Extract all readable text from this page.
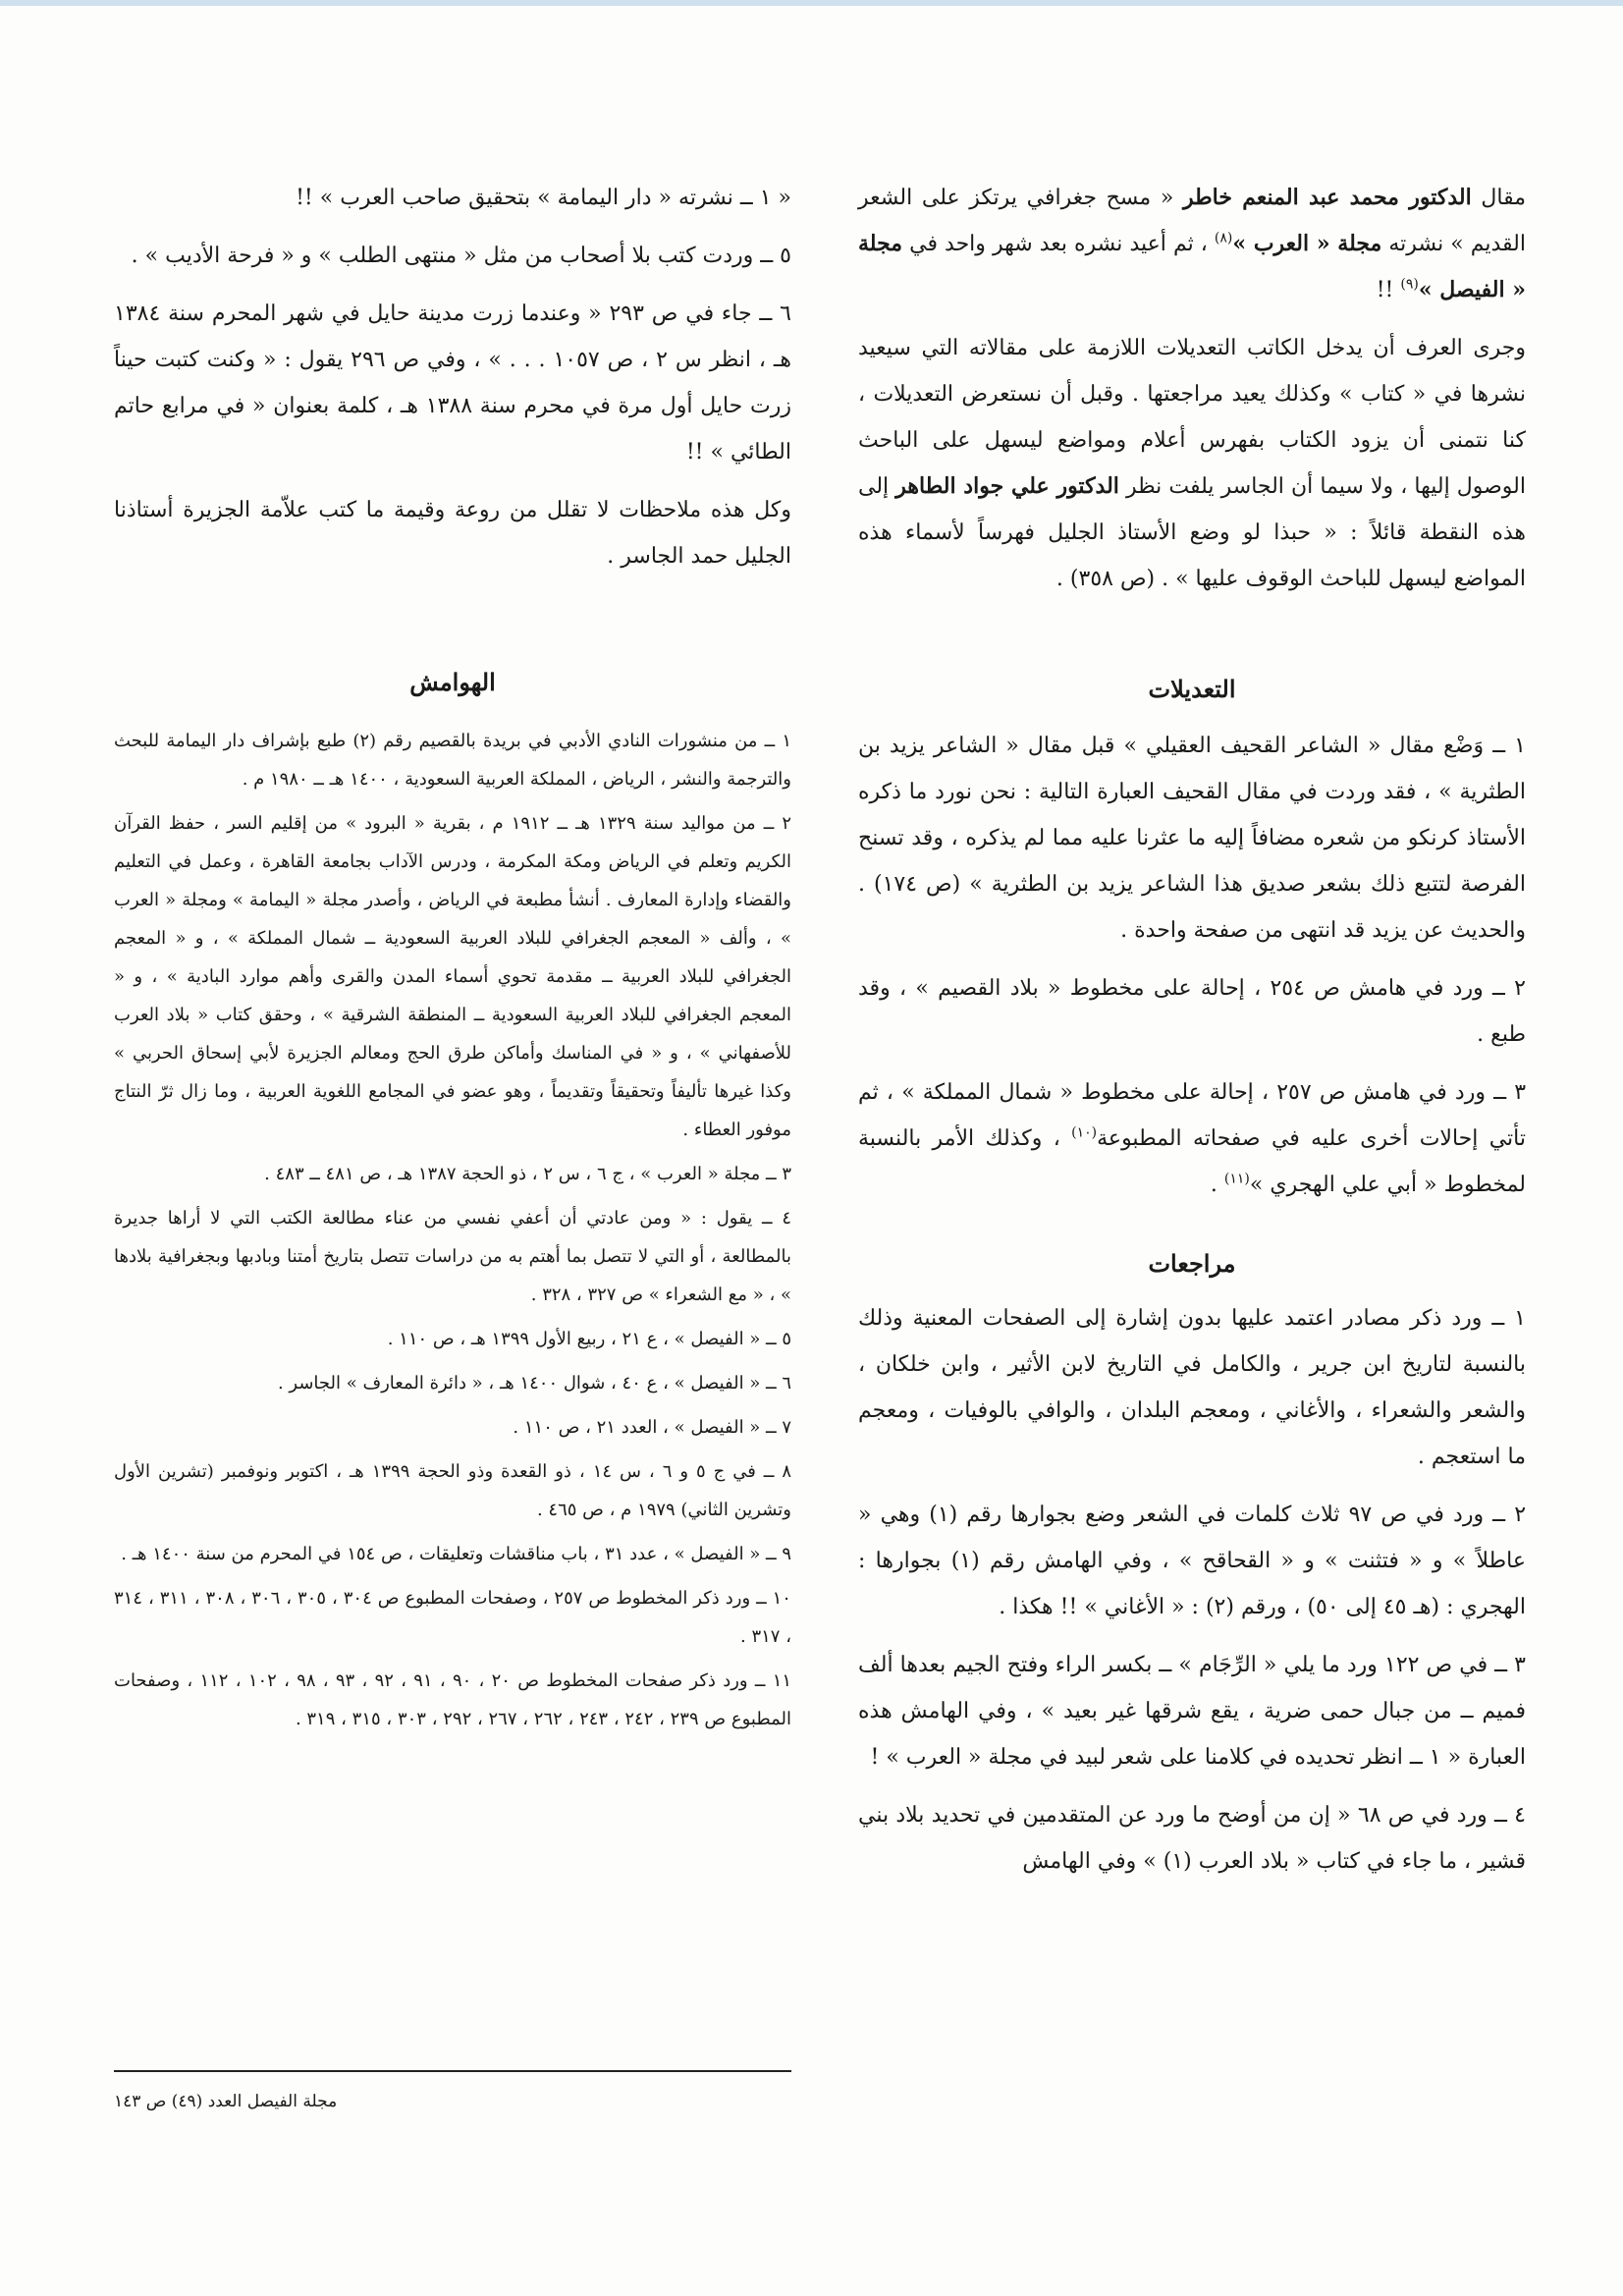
مقال الدكتور محمد عبد المنعم خاطر « مسح جغرافي يرتكز على الشعر القديم » نشرته مجلة « العرب »$^{(٨)}$ ، ثم أعيد نشره بعد شهر واحد في مجلة « الفيصل »$^{(٩)}$ !!

وجرى العرف أن يدخل الكاتب التعديلات اللازمة على مقالاته التي سيعيد نشرها في « كتاب » وكذلك يعيد مراجعتها . وقبل أن نستعرض التعديلات ، كنا نتمنى أن يزود الكتاب بفهرس أعلام ومواضع ليسهل على الباحث الوصول إليها ، ولا سيما أن الجاسر يلفت نظر الدكتور علي جواد الطاهر إلى هذه النقطة قائلاً : « حبذا لو وضع الأستاذ الجليل فهرساً لأسماء هذه المواضع ليسهل للباحث الوقوف عليها » . (ص ٣٥٨) .

التعديلات

١ ــ وَضْع مقال « الشاعر القحيف العقيلي » قبل مقال « الشاعر يزيد بن الطثرية » ، فقد وردت في مقال القحيف العبارة التالية : نحن نورد ما ذكره الأستاذ كرنكو من شعره مضافاً إليه ما عثرنا عليه مما لم يذكره ، وقد تسنح الفرصة لتتبع ذلك بشعر صديق هذا الشاعر يزيد بن الطثرية » (ص ١٧٤) . والحديث عن يزيد قد انتهى من صفحة واحدة .

٢ ــ ورد في هامش ص ٢٥٤ ، إحالة على مخطوط « بلاد القصيم » ، وقد طبع .

٣ ــ ورد في هامش ص ٢٥٧ ، إحالة على مخطوط « شمال المملكة » ، ثم تأتي إحالات أخرى عليه في صفحاته المطبوعة$^{(١٠)}$ ، وكذلك الأمر بالنسبة لمخطوط « أبي علي الهجري »$^{(١١)}$ .

مراجعات

١ ــ ورد ذكر مصادر اعتمد عليها بدون إشارة إلى الصفحات المعنية وذلك بالنسبة لتاريخ ابن جرير ، والكامل في التاريخ لابن الأثير ، وابن خلكان ، والشعر والشعراء ، والأغاني ، ومعجم البلدان ، والوافي بالوفيات ، ومعجم ما استعجم .

٢ ــ ورد في ص ٩٧ ثلاث كلمات في الشعر وضع بجوارها رقم (١) وهي « عاطلاً » و « فتثنت » و « القحاقح » ، وفي الهامش رقم (١) بجوارها : الهجري : (هـ ٤٥ إلى ٥٠) ، ورقم (٢) : « الأغاني » !! هكذا .

٣ ــ في ص ١٢٢ ورد ما يلي « الرِّجَام » ــ بكسر الراء وفتح الجيم بعدها ألف فميم ــ من جبال حمى ضرية ، يقع شرقها غير بعيد » ، وفي الهامش هذه العبارة « ١ ــ انظر تحديده في كلامنا على شعر لبيد في مجلة « العرب » !

٤ ــ ورد في ص ٦٨ « إن من أوضح ما ورد عن المتقدمين في تحديد بلاد بني قشير ، ما جاء في كتاب « بلاد العرب (١) » وفي الهامش

« ١ ــ نشرته « دار اليمامة » بتحقيق صاحب العرب » !!

٥ ــ وردت كتب بلا أصحاب من مثل « منتهى الطلب » و « فرحة الأديب » .

٦ ــ جاء في ص ٢٩٣ « وعندما زرت مدينة حايل في شهر المحرم سنة ١٣٨٤ هـ ، انظر س ٢ ، ص ١٠٥٧ . . . » ، وفي ص ٢٩٦ يقول : « وكنت كتبت حيناً زرت حايل أول مرة في محرم سنة ١٣٨٨ هـ ، كلمة بعنوان « في مرابع حاتم الطائي » !!

وكل هذه ملاحظات لا تقلل من روعة وقيمة ما كتب علاّمة الجزيرة أستاذنا الجليل حمد الجاسر .

الهوامش

١ ــ من منشورات النادي الأدبي في بريدة بالقصيم رقم (٢) طبع بإشراف دار اليمامة للبحث والترجمة والنشر ، الرياض ، المملكة العربية السعودية ، ١٤٠٠ هـ ــ ١٩٨٠ م .

٢ ــ من مواليد سنة ١٣٢٩ هـ ــ ١٩١٢ م ، بقرية « البرود » من إقليم السر ، حفظ القرآن الكريم وتعلم في الرياض ومكة المكرمة ، ودرس الآداب بجامعة القاهرة ، وعمل في التعليم والقضاء وإدارة المعارف . أنشأ مطبعة في الرياض ، وأصدر مجلة « اليمامة » ومجلة « العرب » ، وألف « المعجم الجغرافي للبلاد العربية السعودية ــ شمال المملكة » ، و « المعجم الجغرافي للبلاد العربية ــ مقدمة تحوي أسماء المدن والقرى وأهم موارد البادية » ، و « المعجم الجغرافي للبلاد العربية السعودية ــ المنطقة الشرقية » ، وحقق كتاب « بلاد العرب للأصفهاني » ، و « في المناسك وأماكن طرق الحج ومعالم الجزيرة لأبي إسحاق الحربي » وكذا غيرها تأليفاً وتحقيقاً وتقديماً ، وهو عضو في المجامع اللغوية العربية ، وما زال ثرّ النتاج موفور العطاء .

٣ ــ مجلة « العرب » ، ج ٦ ، س ٢ ، ذو الحجة ١٣٨٧ هـ ، ص ٤٨١ ــ ٤٨٣ .

٤ ــ يقول : « ومن عادتي أن أعفي نفسي من عناء مطالعة الكتب التي لا أراها جديرة بالمطالعة ، أو التي لا تتصل بما أهتم به من دراسات تتصل بتاريخ أمتنا وبادبها وبجغرافية بلادها » ، « مع الشعراء » ص ٣٢٧ ، ٣٢٨ .

٥ ــ « الفيصل » ، ع ٢١ ، ربيع الأول ١٣٩٩ هـ ، ص ١١٠ .

٦ ــ « الفيصل » ، ع ٤٠ ، شوال ١٤٠٠ هـ ، « دائرة المعارف » الجاسر .

٧ ــ « الفيصل » ، العدد ٢١ ، ص ١١٠ .

٨ ــ في ج ٥ و ٦ ، س ١٤ ، ذو القعدة وذو الحجة ١٣٩٩ هـ ، اكتوبر ونوفمبر (تشرين الأول وتشرين الثاني) ١٩٧٩ م ، ص ٤٦٥ .

٩ ــ « الفيصل » ، عدد ٣١ ، باب مناقشات وتعليقات ، ص ١٥٤ في المحرم من سنة ١٤٠٠ هـ .

١٠ ــ ورد ذكر المخطوط ص ٢٥٧ ، وصفحات المطبوع ص ٣٠٤ ، ٣٠٥ ، ٣٠٦ ، ٣٠٨ ، ٣١١ ، ٣١٤ ، ٣١٧ .

١١ ــ ورد ذكر صفحات المخطوط ص ٢٠ ، ٩٠ ، ٩١ ، ٩٢ ، ٩٣ ، ٩٨ ، ١٠٢ ، ١١٢ ، وصفحات المطبوع ص ٢٣٩ ، ٢٤٢ ، ٢٤٣ ، ٢٦٢ ، ٢٦٧ ، ٢٩٢ ، ٣٠٣ ، ٣١٥ ، ٣١٩ .

مجلة الفيصل العدد (٤٩) ص ١٤٣
